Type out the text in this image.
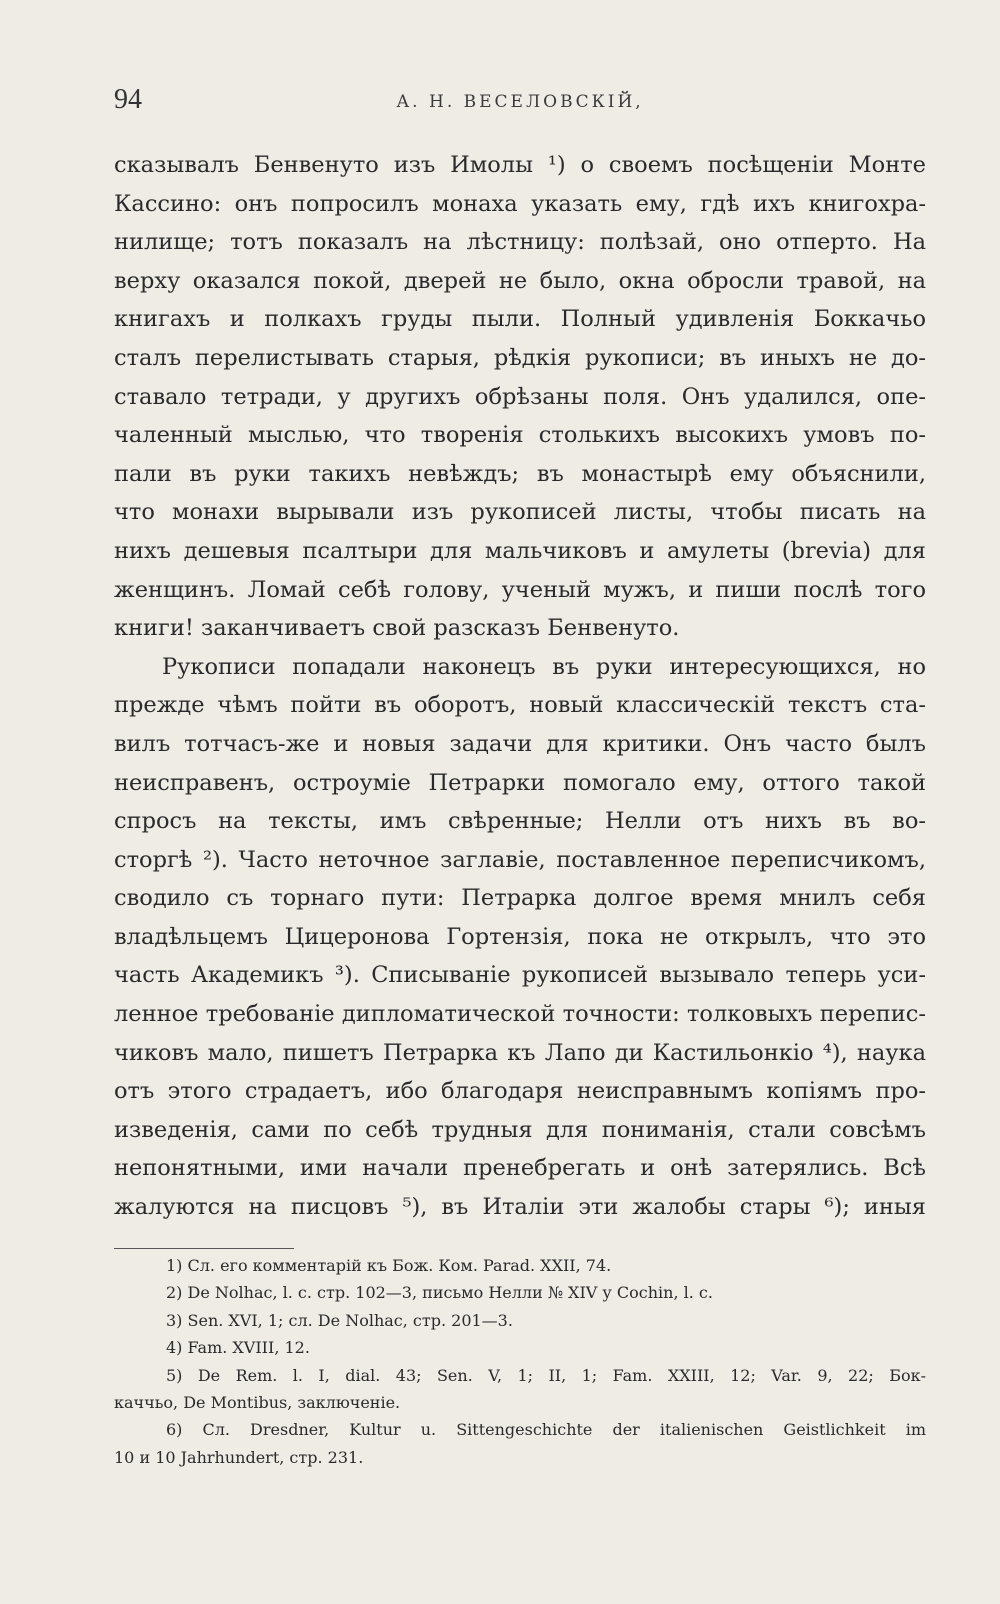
94	А. Н. ВЕСЕЛОВСКІЙ,
сказывалъ Бенвенуто изъ Имолы ¹) о своемъ посѣщеніи Монте
Кассино: онъ попросилъ монаха указать ему, гдѣ ихъ книгохра-
нилище; тотъ показалъ на лѣстницу: полѣзай, оно отперто. На
верху оказался покой, дверей не было, окна обросли травой, на
книгахъ и полкахъ груды пыли. Полный удивленія Боккачьо
сталъ перелистывать старыя, рѣдкія рукописи; въ иныхъ не до-
ставало тетради, у другихъ обрѣзаны поля. Онъ удалился, опе-
чаленный мыслью, что творенія столькихъ высокихъ умовъ по-
пали въ руки такихъ невѣждъ; въ монастырѣ ему объяснили,
что монахи вырывали изъ рукописей листы, чтобы писать на
нихъ дешевыя псалтыри для мальчиковъ и амулеты (brevia) для
женщинъ. Ломай себѣ голову, ученый мужъ, и пиши послѣ того
книги! заканчиваетъ свой разсказъ Бенвенуто.
Рукописи попадали наконецъ въ руки интересующихся, но
прежде чѣмъ пойти въ оборотъ, новый классическій текстъ ста-
вилъ тотчасъ-же и новыя задачи для критики. Онъ часто былъ
неисправенъ, остроуміе Петрарки помогало ему, оттого такой
спросъ на тексты, имъ свѣренные; Нелли отъ нихъ въ во-
сторгѣ ²). Часто неточное заглавіе, поставленное переписчикомъ,
сводило съ торнаго пути: Петрарка долгое время мнилъ себя
владѣльцемъ Цицеронова Гортензія, пока не открылъ, что это
часть Академикъ ³). Списываніе рукописей вызывало теперь уси-
ленное требованіе дипломатической точности: толковыхъ перепис-
чиковъ мало, пишетъ Петрарка къ Лапо ди Кастильонкіо ⁴), наука
отъ этого страдаетъ, ибо благодаря неисправнымъ копіямъ про-
изведенія, сами по себѣ трудныя для пониманія, стали совсѣмъ
непонятными, ими начали пренебрегать и онѣ затерялись. Всѣ
жалуются на писцовъ ⁵), въ Италіи эти жалобы стары ⁶); иныя
1) Сл. его комментарій къ Бож. Ком. Parad. XXII, 74.
2) De Nolhac, l. c. стр. 102—3, письмо Нелли № XIV у Cochin, l. c.
3) Sen. XVI, 1; сл. De Nolhac, стр. 201—3.
4) Fam. XVIII, 12.
5) De Rem. l. I, dial. 43; Sen. V, 1; II, 1; Fam. XXIII, 12; Var. 9, 22; Бок-
каччьо, De Montibus, заключеніе.
6) Сл. Dresdner, Kultur u. Sittengeschichte der italienischen Geistlichkeit im
10 и 10 Jahrhundert, стр. 231.
